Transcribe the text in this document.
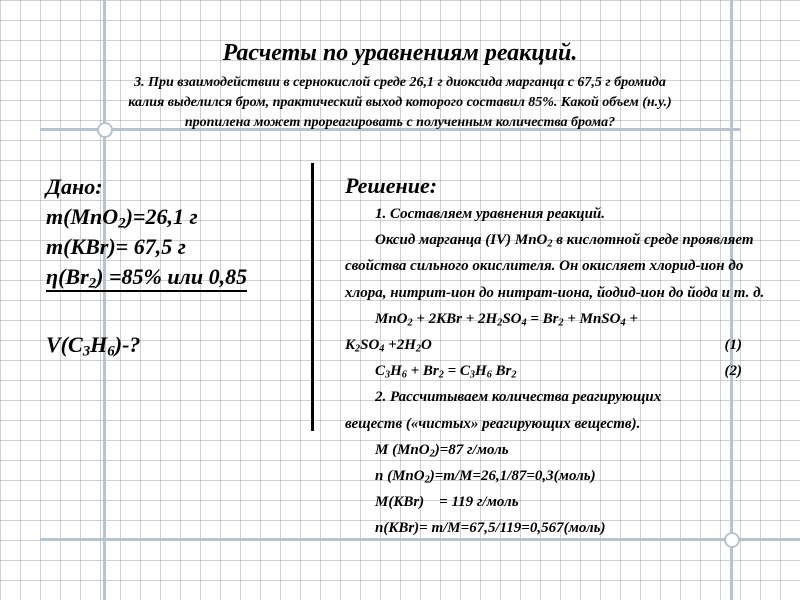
Расчеты по уравнениям реакций.
3. При взаимодействии в сернокислой среде 26,1 г диоксида марганца с 67,5 г бромида
калия выделился бром, практический выход которого составил 85%. Какой объем (н.у.)
пропилена может прореагировать с полученным количества брома?
Дано:
m(MnO$_2$)=26,1 г
m(KBr)= 67,5 г
$\eta(Br_2) =85\%$ или 0,85
$V(C_3H_6)-$?
Решение:
1. Составляем уравнения реакций.
Оксид марганца (IV) MnO$_2$ в кислотной среде проявляет свойства сильного окислителя. Он окисляет хлорид-ион до хлора, нитрит-ион до нитрат-иона, йодид-ион до йода и т. д.
$MnO_2 + 2KBr + 2H_2SO_4 = Br_2$ + MnSO$_4$ +
$K_2SO_4 +2H_2O$	(1)
$C_3H_6 + Br_2 = C_3H_6$ $Br_2$	(2)
2. Рассчитываем количества реагирующих
веществ («чистых» реагирующих веществ).
M (MnO$_2$)=87 г/моль
n (MnO$_2$)=m/M=26,1/87=0,3(моль)
M(KBr)    = 119 г/моль
n(KBr)= m/M=67,5/119=0,567(моль)
